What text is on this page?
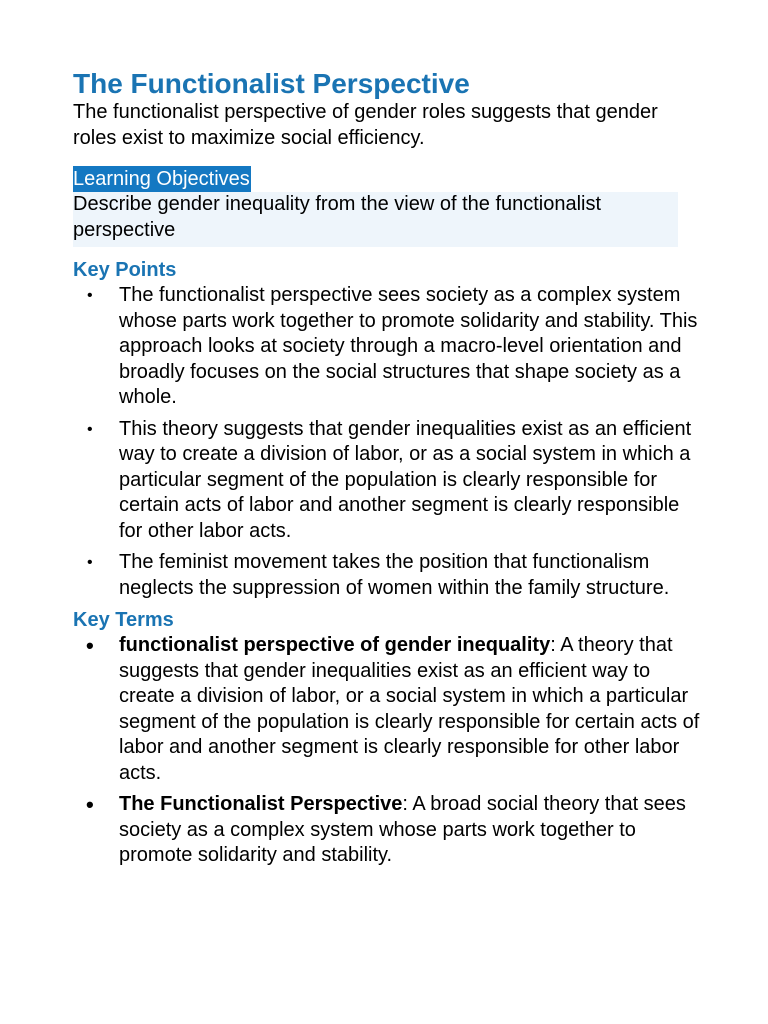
The Functionalist Perspective

The functionalist perspective of gender roles suggests that gender roles exist to maximize social efficiency.

Learning Objectives

Describe gender inequality from the view of the functionalist perspective

Key Points
• The functionalist perspective sees society as a complex system whose parts work together to promote solidarity and stability. This approach looks at society through a macro-level orientation and broadly focuses on the social structures that shape society as a whole.
• This theory suggests that gender inequalities exist as an efficient way to create a division of labor, or as a social system in which a particular segment of the population is clearly responsible for certain acts of labor and another segment is clearly responsible for other labor acts.
• The feminist movement takes the position that functionalism neglects the suppression of women within the family structure.
Key Terms
• functionalist perspective of gender inequality: A theory that suggests that gender inequalities exist as an efficient way to create a division of labor, or a social system in which a particular segment of the population is clearly responsible for certain acts of labor and another segment is clearly responsible for other labor acts.
• The Functionalist Perspective: A broad social theory that sees society as a complex system whose parts work together to promote solidarity and stability.
